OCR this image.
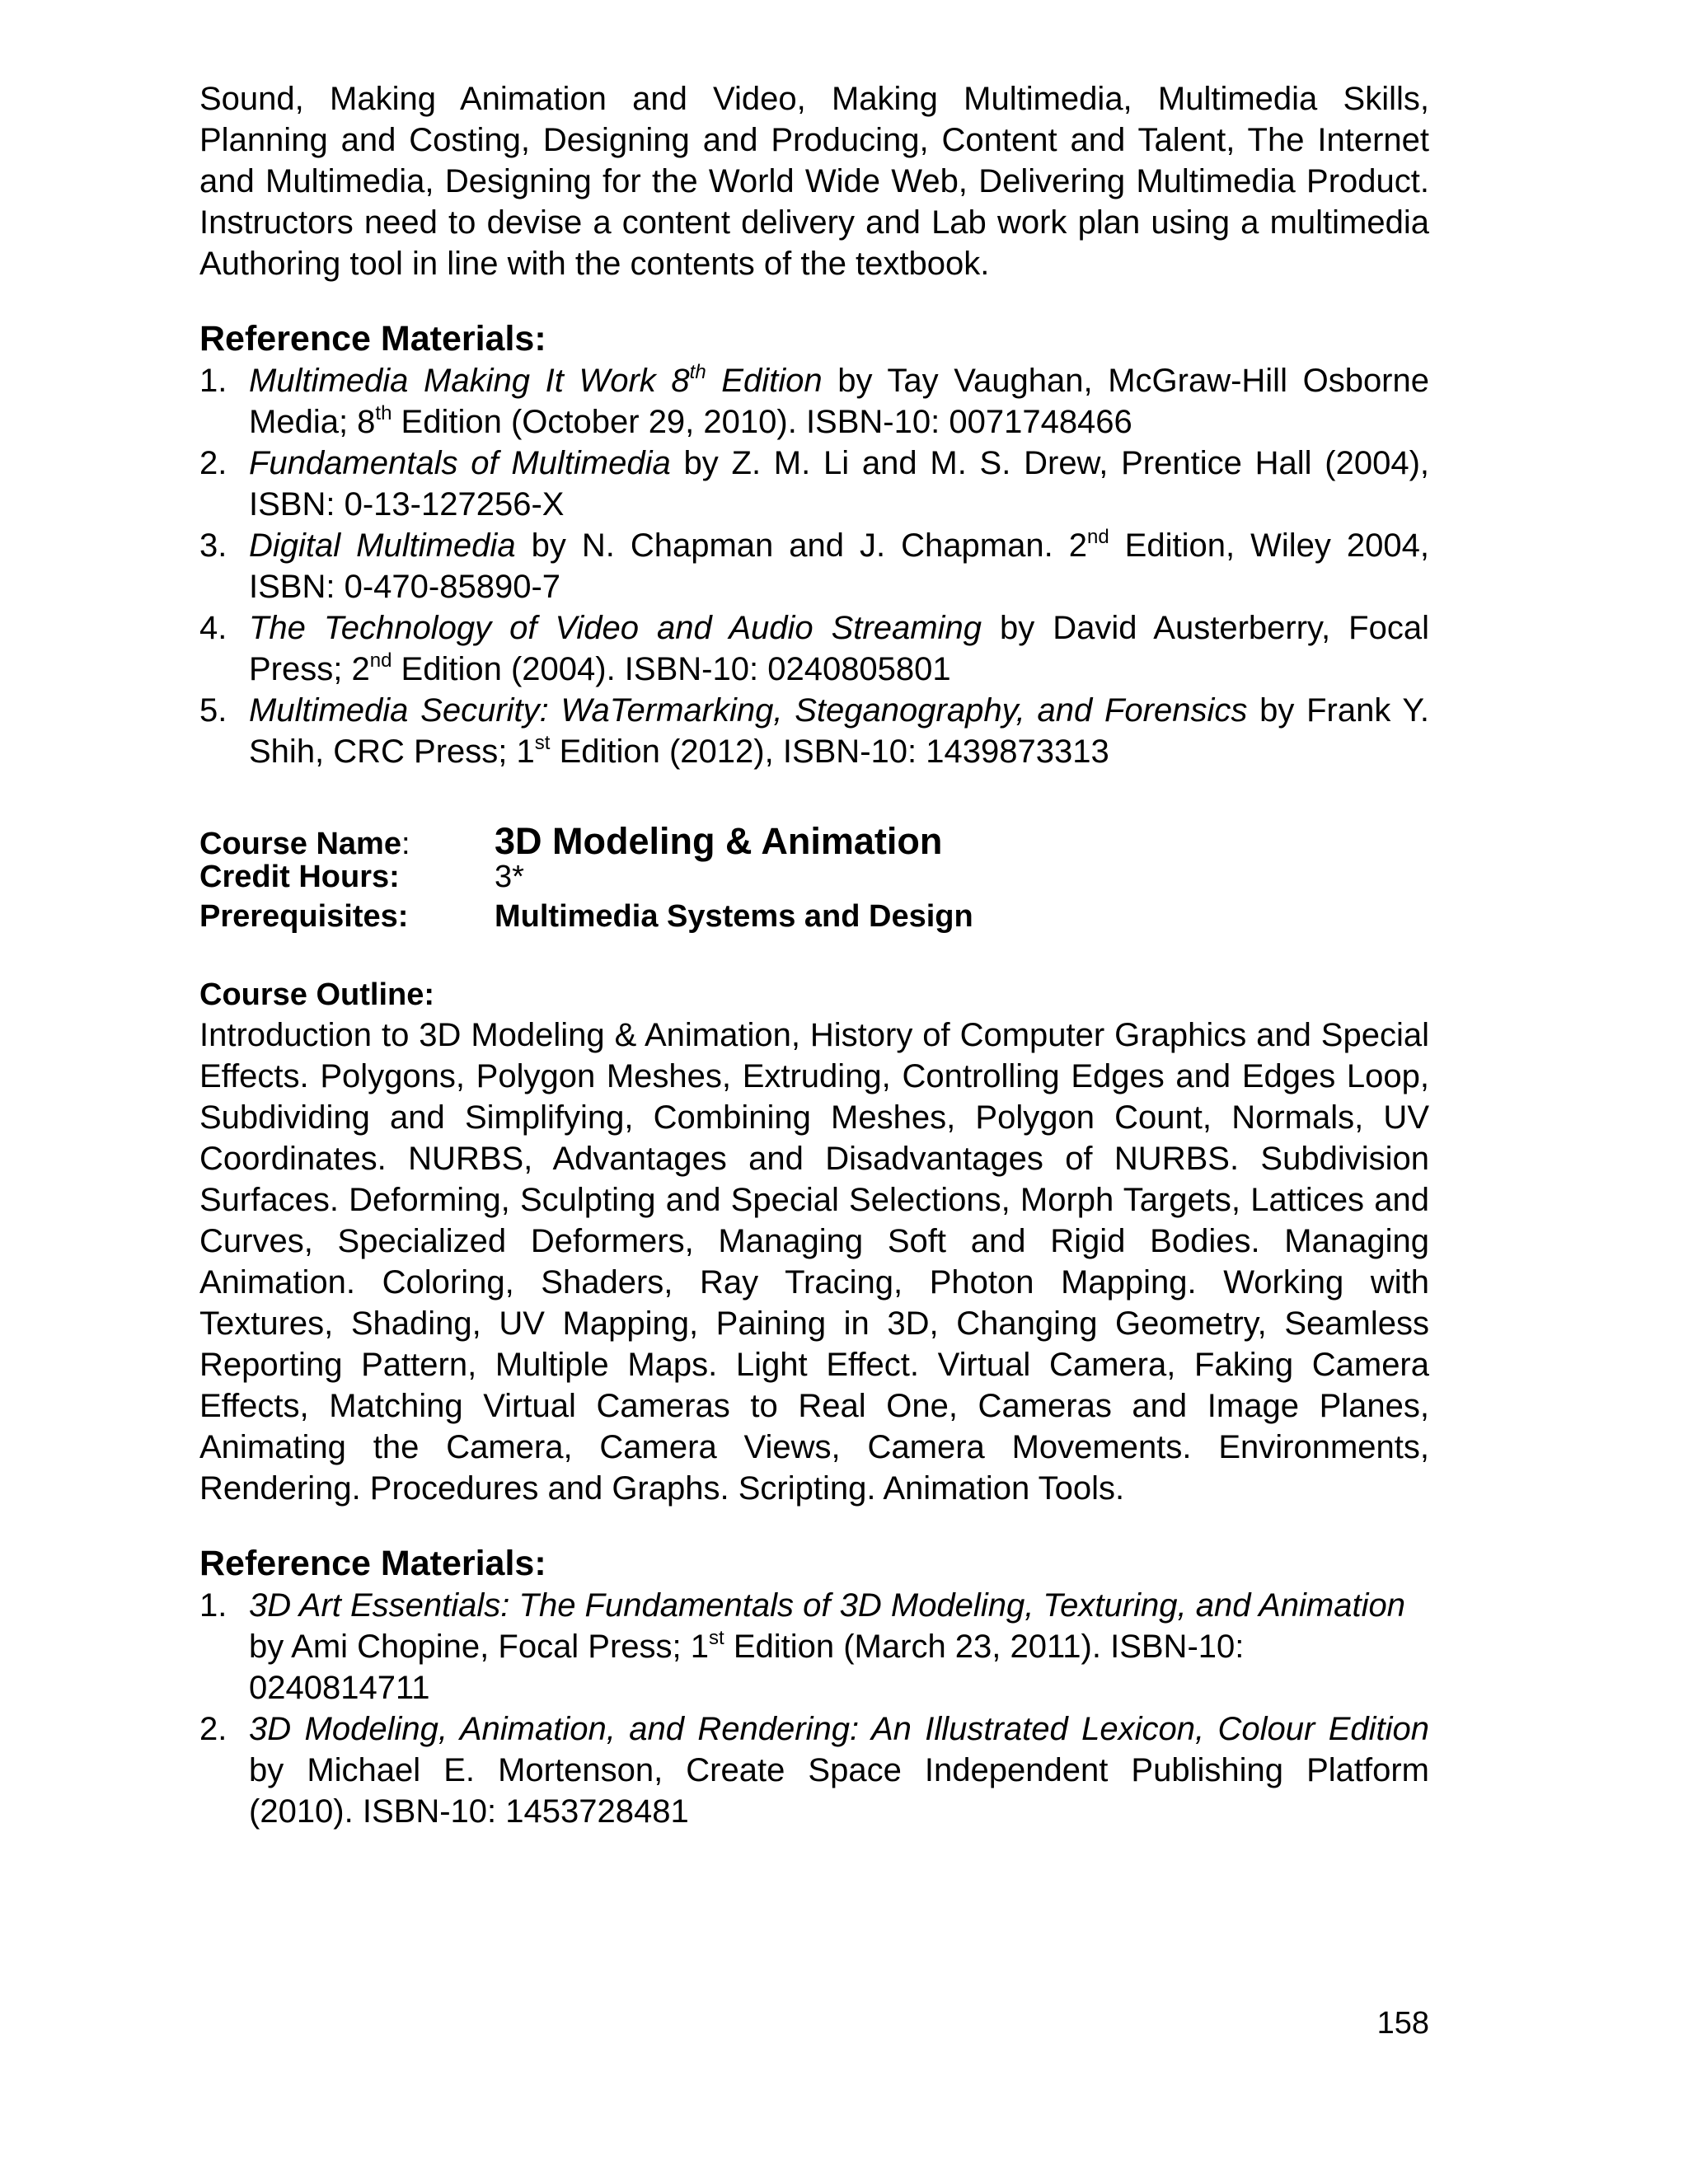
Sound, Making Animation and Video, Making Multimedia, Multimedia Skills, Planning and Costing, Designing and Producing, Content and Talent, The Internet and Multimedia, Designing for the World Wide Web, Delivering Multimedia Product. Instructors need to devise a content delivery and Lab work plan using a multimedia Authoring tool in line with the contents of the textbook.

Reference Materials:
1. Multimedia Making It Work 8th Edition by Tay Vaughan, McGraw-Hill Osborne Media; 8th Edition (October 29, 2010). ISBN-10: 0071748466
2. Fundamentals of Multimedia by Z. M. Li and M. S. Drew, Prentice Hall (2004), ISBN: 0-13-127256-X
3. Digital Multimedia by N. Chapman and J. Chapman. 2nd Edition, Wiley 2004, ISBN: 0-470-85890-7
4. The Technology of Video and Audio Streaming by David Austerberry, Focal Press; 2nd Edition (2004). ISBN-10: 0240805801
5. Multimedia Security: WaTermarking, Steganography, and Forensics by Frank Y. Shih, CRC Press; 1st Edition (2012), ISBN-10: 1439873313
Course Name:	3D Modeling & Animation
Credit Hours:	3*
Prerequisites:	Multimedia Systems and Design
Course Outline:

Introduction to 3D Modeling & Animation, History of Computer Graphics and Special Effects. Polygons, Polygon Meshes, Extruding, Controlling Edges and Edges Loop, Subdividing and Simplifying, Combining Meshes, Polygon Count, Normals, UV Coordinates. NURBS, Advantages and Disadvantages of NURBS. Subdivision Surfaces. Deforming, Sculpting and Special Selections, Morph Targets, Lattices and Curves, Specialized Deformers, Managing Soft and Rigid Bodies. Managing Animation. Coloring, Shaders, Ray Tracing, Photon Mapping. Working with Textures, Shading, UV Mapping, Paining in 3D, Changing Geometry, Seamless Reporting Pattern, Multiple Maps. Light Effect. Virtual Camera, Faking Camera Effects, Matching Virtual Cameras to Real One, Cameras and Image Planes, Animating the Camera, Camera Views, Camera Movements. Environments, Rendering. Procedures and Graphs. Scripting. Animation Tools.

Reference Materials:
1. 3D Art Essentials: The Fundamentals of 3D Modeling, Texturing, and Animation by Ami Chopine, Focal Press; 1st Edition (March 23, 2011). ISBN-10: 0240814711
2. 3D Modeling, Animation, and Rendering: An Illustrated Lexicon, Colour Edition by Michael E. Mortenson, Create Space Independent Publishing Platform (2010). ISBN-10: 1453728481
158
